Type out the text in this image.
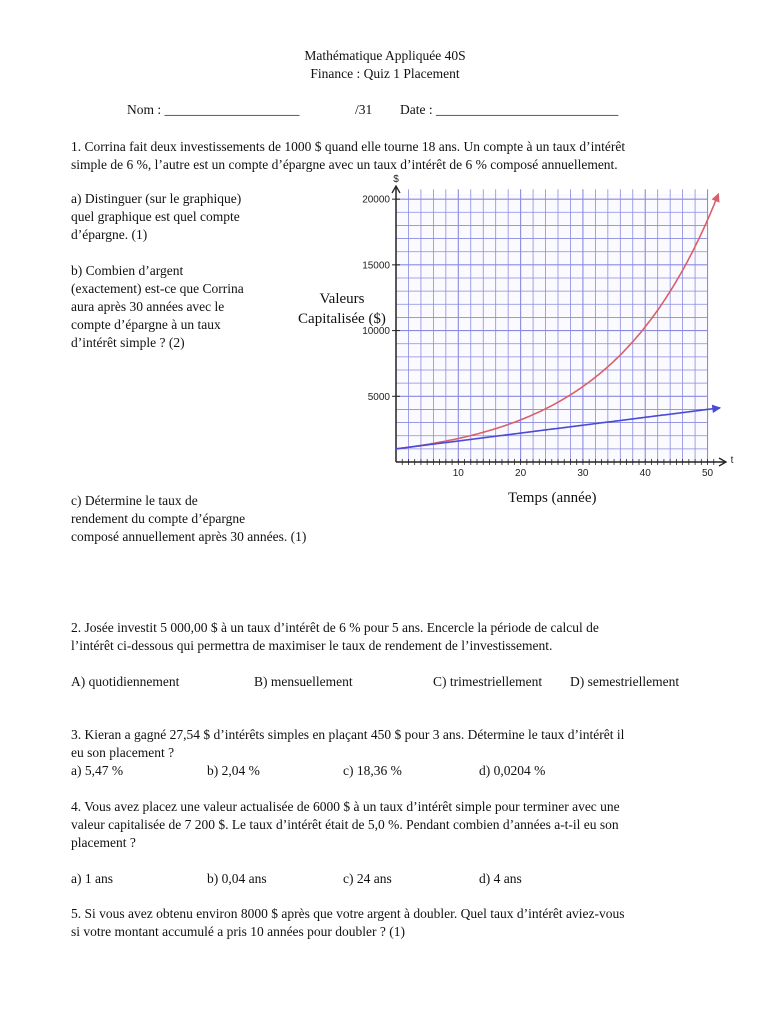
Mathématique Appliquée 40S
Finance : Quiz 1 Placement
Nom : ____________________	/31 Date : ___________________________
1. Corrina fait deux investissements de 1000 $ quand elle tourne 18 ans. Un compte à un taux d’intérêt
simple de 6 %, l’autre est un compte d’épargne avec un taux d’intérêt de 6 % composé annuellement.
a) Distinguer (sur le graphique)
quel graphique est quel compte
d’épargne. (1)
b) Combien d’argent
(exactement) est-ce que Corrina
aura après 30 années avec le
compte d’épargne à un taux
d’intérêt simple ? (2)
Valeurs
Capitalisée ($)
10	20	30	40	50
5000
10000
15000
20000
$
t
Temps (année)
c) Détermine le taux de
rendement du compte d’épargne
composé annuellement après 30 années. (1)
2. Josée investit 5 000,00 $ à un taux d’intérêt de 6 % pour 5 ans. Encercle la période de calcul de
l’intérêt ci-dessous qui permettra de maximiser le taux de rendement de l’investissement.
A) quotidiennement	B) mensuellement	C) trimestriellement D) semestriellement
3. Kieran a gagné 27,54 $ d’intérêts simples en plaçant 450 $ pour 3 ans. Détermine le taux d’intérêt il
eu son placement ?
a) 5,47 %	b) 2,04 %	c) 18,36 %	d) 0,0204 %
4. Vous avez placez une valeur actualisée de 6000 $ à un taux d’intérêt simple pour terminer avec une
valeur capitalisée de 7 200 $. Le taux d’intérêt était de 5,0 %. Pendant combien d’années a-t-il eu son
placement ?
a) 1 ans	b) 0,04 ans	c) 24 ans	d) 4 ans
5. Si vous avez obtenu environ 8000 $ après que votre argent à doubler. Quel taux d’intérêt aviez-vous
si votre montant accumulé a pris 10 années pour doubler ? (1)
